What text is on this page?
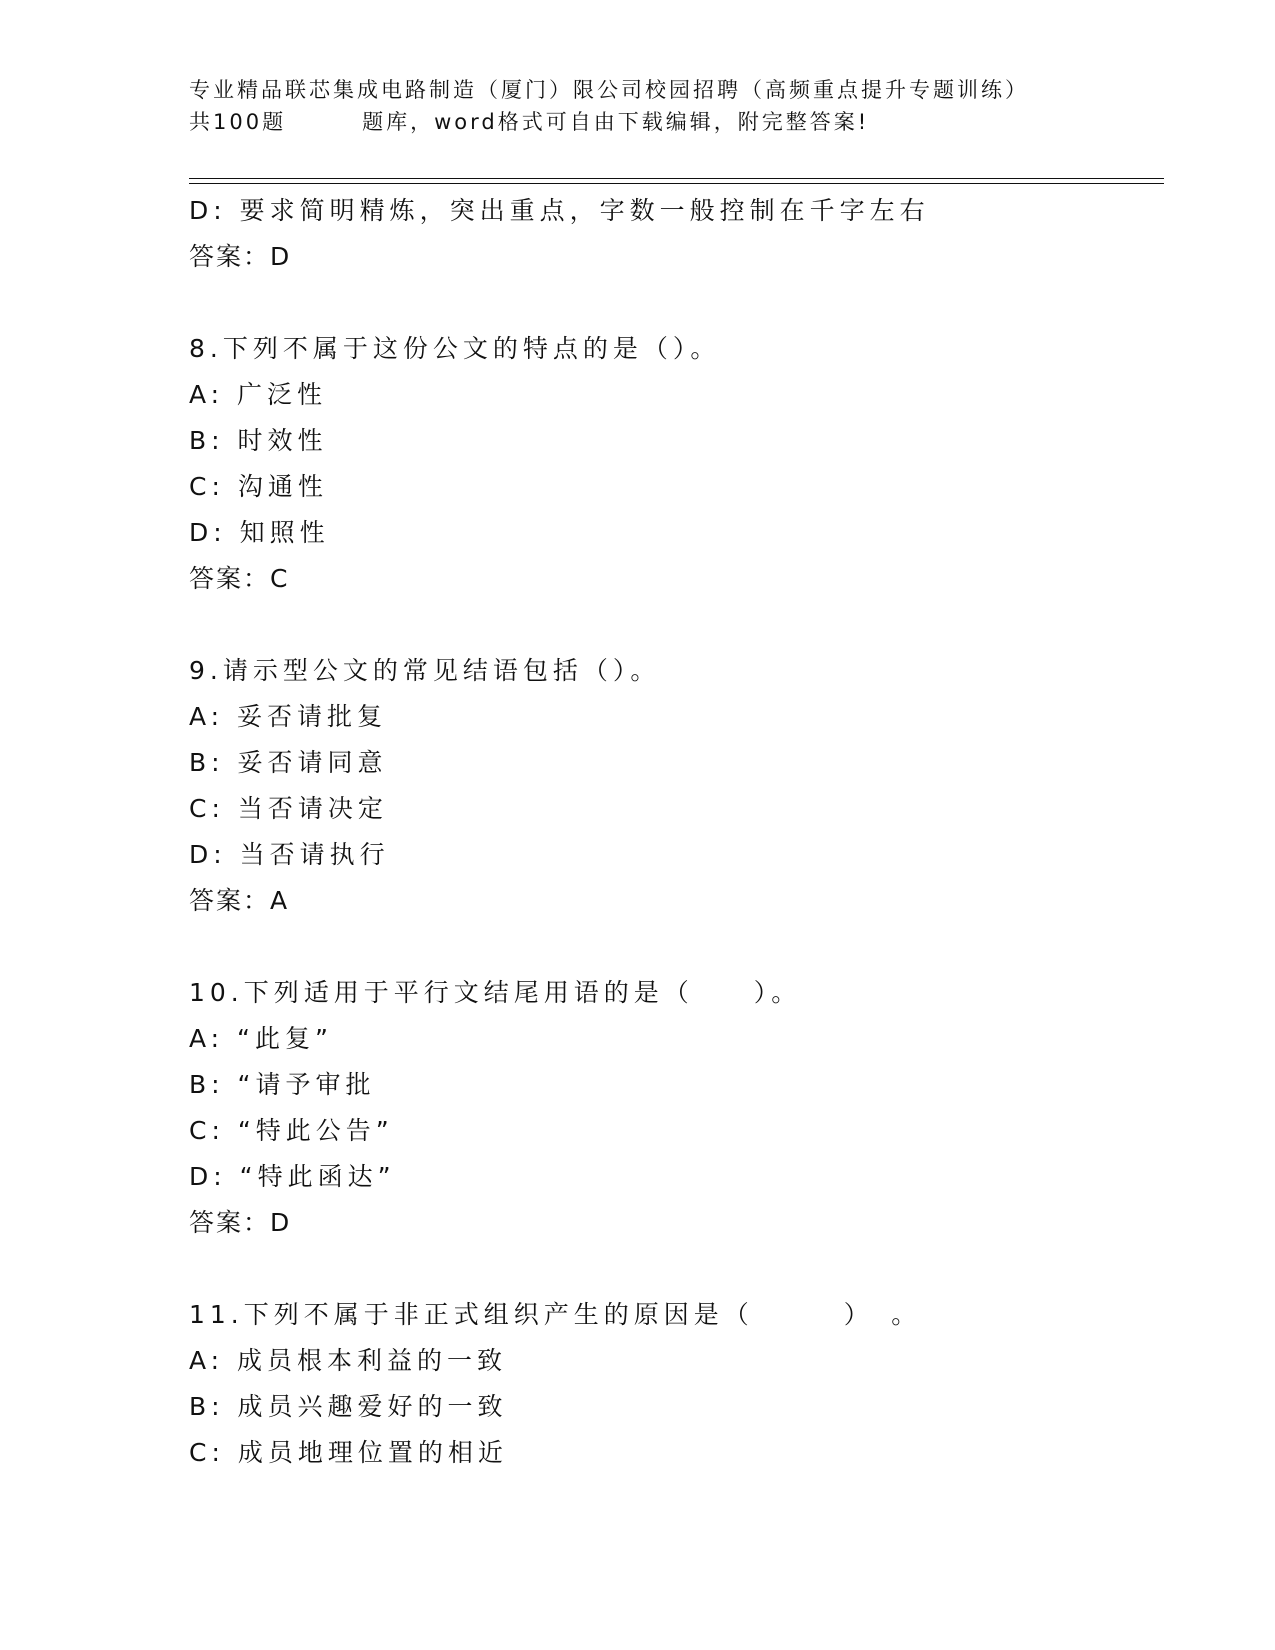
专业精品联芯集成电路制造（厦门）限公司校园招聘（高频重点提升专题训练）
共100题	题库，word格式可自由下载编辑，附完整答案!
D: 要求简明精炼，突出重点，字数一般控制在千字左右
答案：D
8.下列不属于这份公文的特点的是（）。
A: 广泛性
B: 时效性
C: 沟通性
D: 知照性
答案：C
9.请示型公文的常见结语包括（）。
A: 妥否请批复
B: 妥否请同意
C: 当否请决定
D: 当否请执行
答案：A
10.下列适用于平行文结尾用语的是（　　）。
A: “此复”
B: “请予审批
C: “特此公告”
D: “特此函达”
答案：D
11.下列不属于非正式组织产生的原因是（　　　）　。
A: 成员根本利益的一致
B: 成员兴趣爱好的一致
C: 成员地理位置的相近
